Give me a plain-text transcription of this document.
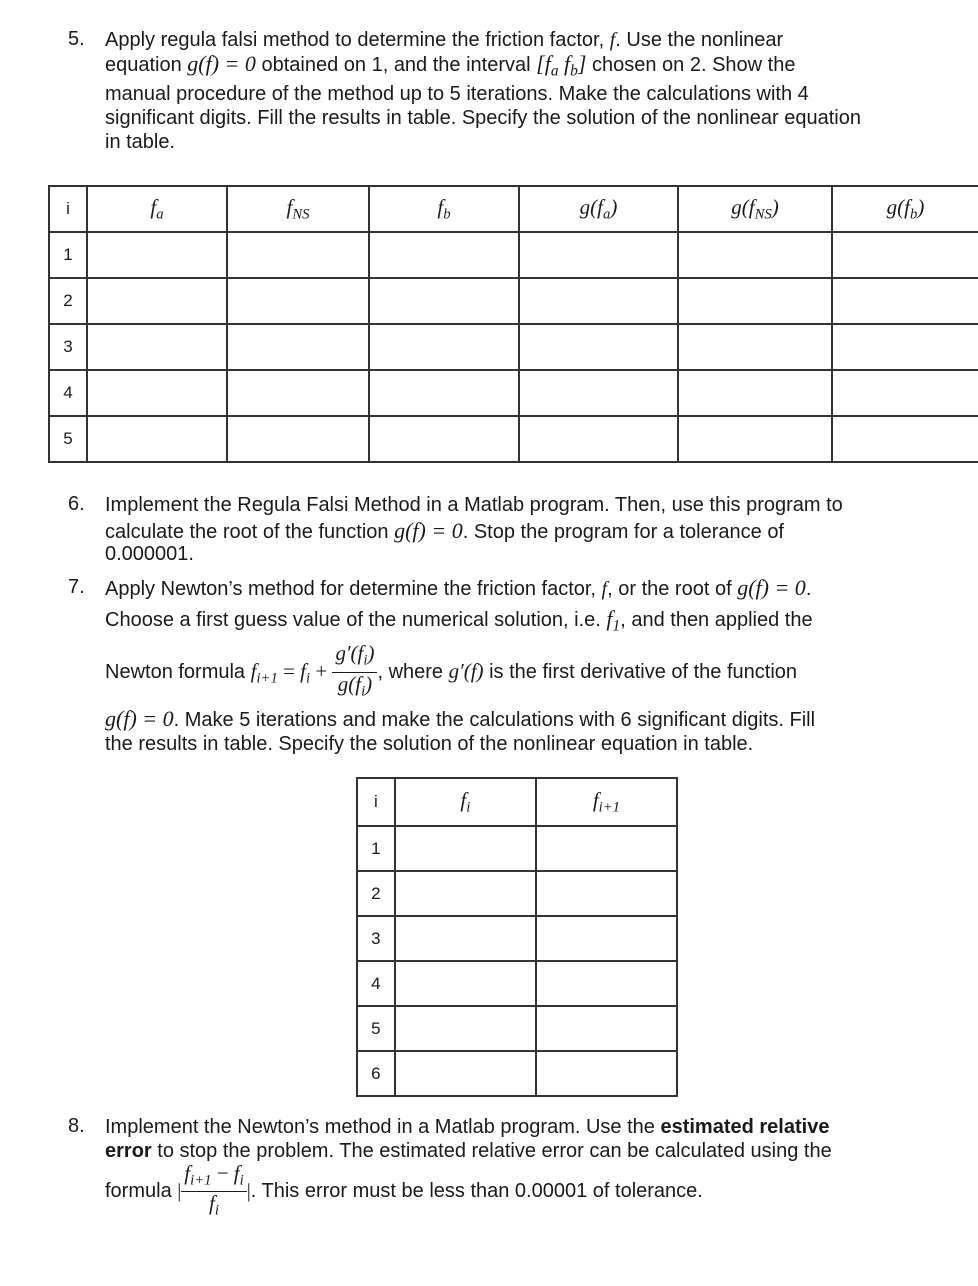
5. Apply regula falsi method to determine the friction factor, f. Use the nonlinear
equation g(f) = 0 obtained on 1, and the interval [$f_a$ $f_b$] chosen on 2. Show the
manual procedure of the method up to 5 iterations. Make the calculations with 4
significant digits. Fill the results in table. Specify the solution of the nonlinear equation
in table.
i	$f_a$	$f_{NS}$	$f_b$	$g(f_a)$	$g(f_{NS})$	$g(f_b)$
1						
2						
3						
4						
5						
6. Implement the Regula Falsi Method in a Matlab program. Then, use this program to
calculate the root of the function g(f) = 0. Stop the program for a tolerance of
0.000001.
7. Apply Newton’s method for determine the friction factor, f, or the root of g(f) = 0.
Choose a first guess value of the numerical solution, i.e. $f_1$, and then applied the
Newton formula $f_{i+1} = f_i + \frac{g'(f_i)}{g(f_i)}$ , where g′(f) is the first derivative of the function
g(f) = 0. Make 5 iterations and make the calculations with 6 significant digits. Fill
the results in table. Specify the solution of the nonlinear equation in table.
i	$f_i$	$f_{i+1}$
1		
2		
3		
4		
5		
6		
8. Implement the Newton’s method in a Matlab program. Use the estimated relative
error to stop the problem. The estimated relative error can be calculated using the
formula | $\frac{f_{i+1} - f_i}{f_i}$ |. This error must be less than 0.00001 of tolerance.
